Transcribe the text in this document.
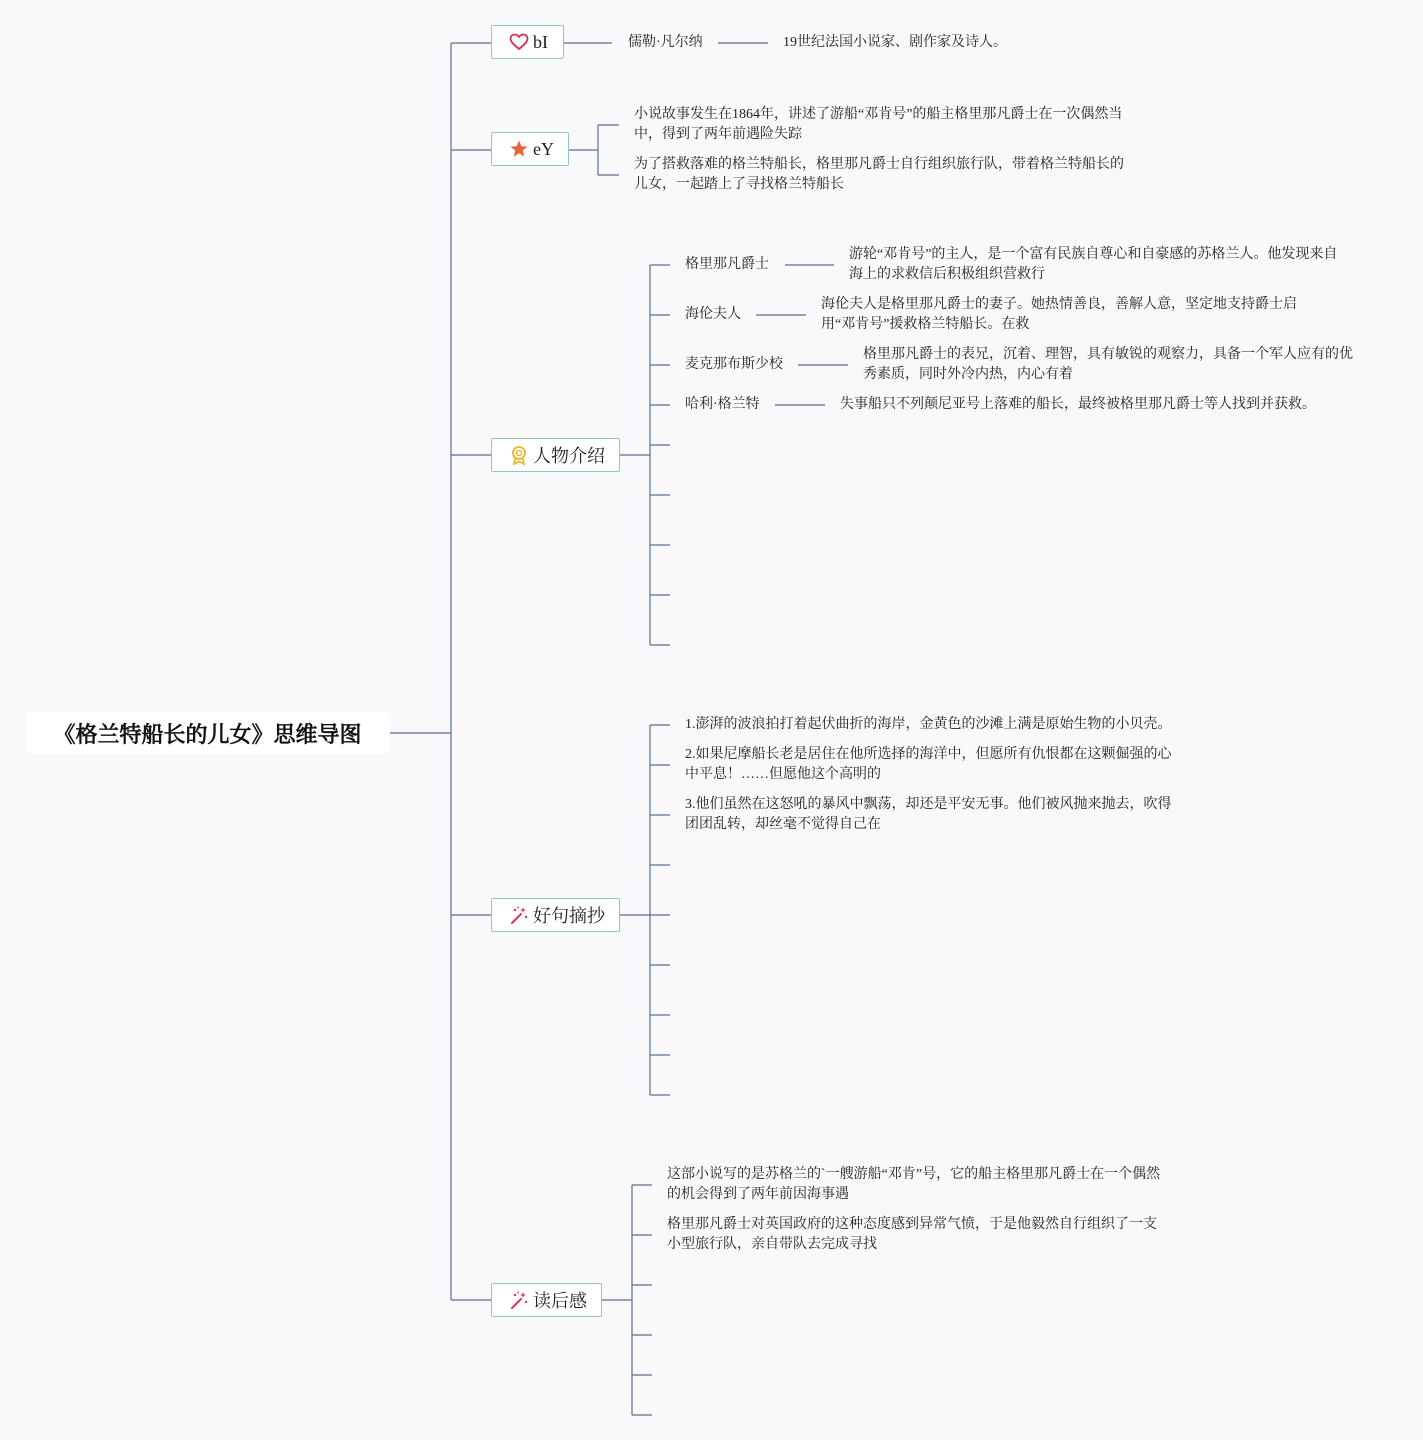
《格兰特船长的儿女》思维导图
bI	儒勒·凡尔纳	19世纪法国小说家、剧作家及诗人。
eY
小说故事发生在1864年，讲述了游船“邓肯号”的船主格里那凡爵士在一次偶然当中，得到了两年前遇险失踪
为了搭救落难的格兰特船长，格里那凡爵士自行组织旅行队，带着格兰特船长的儿女，一起踏上了寻找格兰特船长
人物介绍
格里那凡爵士
游轮“邓肯号”的主人，是一个富有民族自尊心和自豪感的苏格兰人。他发现来自海上的求救信后积极组织营救行
海伦夫人
海伦夫人是格里那凡爵士的妻子。她热情善良，善解人意，坚定地支持爵士启用“邓肯号”援救格兰特船长。在救
麦克那布斯少校
格里那凡爵士的表兄，沉着、理智，具有敏锐的观察力，具备一个军人应有的优秀素质，同时外冷内热，内心有着
哈利·格兰特	失事船只不列颠尼亚号上落难的船长，最终被格里那凡爵士等人找到并获救。
好句摘抄
1.澎湃的波浪拍打着起伏曲折的海岸，金黄色的沙滩上满是原始生物的小贝壳。
2.如果尼摩船长老是居住在他所选择的海洋中，但愿所有仇恨都在这颗倔强的心中平息！……但愿他这个高明的
3.他们虽然在这怒吼的暴风中飘荡，却还是平安无事。他们被风抛来抛去，吹得团团乱转，却丝毫不觉得自己在
读后感
这部小说写的是苏格兰的`一艘游船“邓肯”号，它的船主格里那凡爵士在一个偶然的机会得到了两年前因海事遇
格里那凡爵士对英国政府的这种态度感到异常气愤，于是他毅然自行组织了一支小型旅行队，亲自带队去完成寻找
